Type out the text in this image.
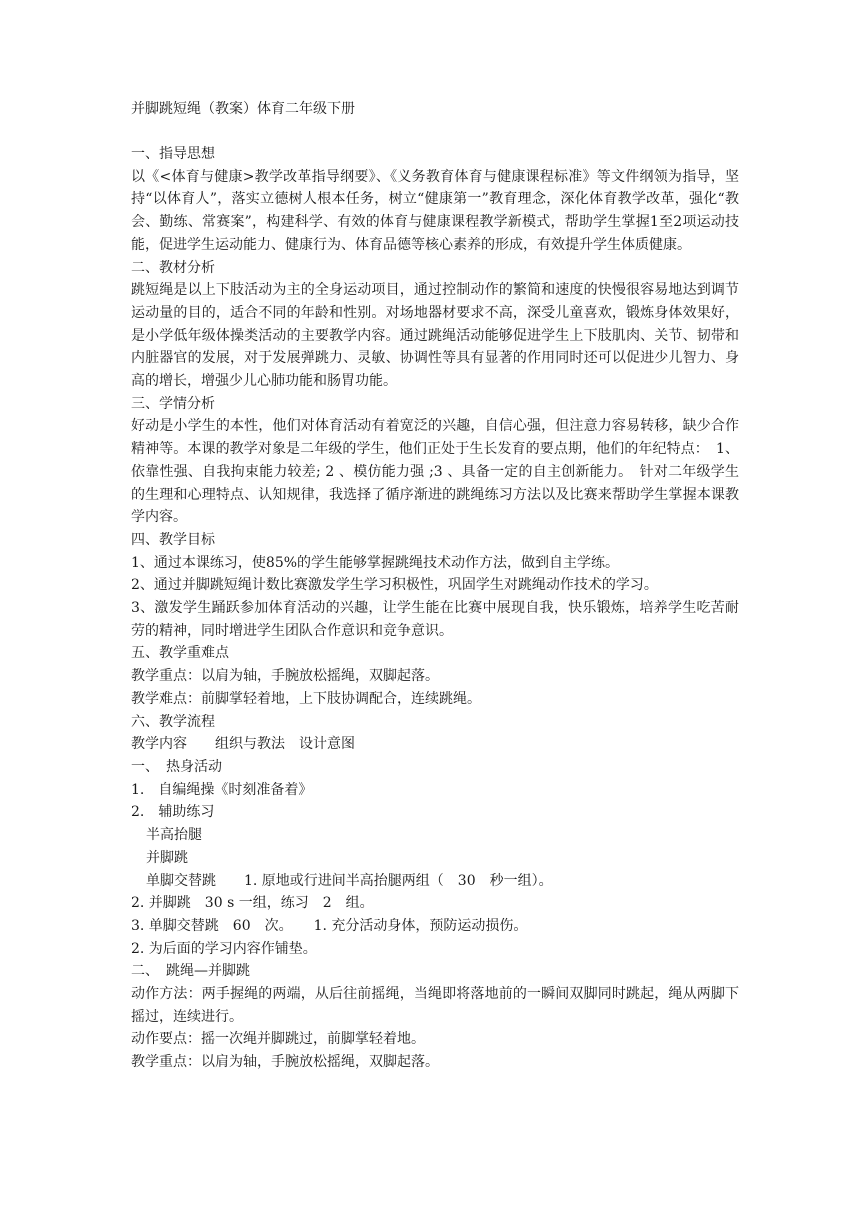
并脚跳短绳（教案）体育二年级下册

一、指导思想

以《<体育与健康>教学改革指导纲要》、《义务教育体育与健康课程标准》等文件纲领为指导，坚持“以体育人”，落实立德树人根本任务，树立“健康第一”教育理念，深化体育教学改革，强化“教会、勤练、常赛案”，构建科学、有效的体育与健康课程教学新模式，帮助学生掌握1至2项运动技能，促进学生运动能力、健康行为、体育品德等核心素养的形成，有效提升学生体质健康。

二、教材分析

跳短绳是以上下肢活动为主的全身运动项目，通过控制动作的繁简和速度的快慢很容易地达到调节运动量的目的，适合不同的年龄和性别。对场地器材要求不高，深受儿童喜欢，锻炼身体效果好，是小学低年级体操类活动的主要教学内容。通过跳绳活动能够促进学生上下肢肌肉、关节、韧带和内脏器官的发展，对于发展弹跳力、灵敏、协调性等具有显著的作用同时还可以促进少儿智力、身高的增长，增强少儿心肺功能和肠胃功能。

三、学情分析

好动是小学生的本性，他们对体育活动有着宽泛的兴趣，自信心强，但注意力容易转移，缺少合作精神等。本课的教学对象是二年级的学生，他们正处于生长发育的要点期，他们的年纪特点：　1、依靠性强、自我拘束能力较差; 2 、模仿能力强 ;3 、具备一定的自主创新能力。　针对二年级学生的生理和心理特点、认知规律，我选择了循序渐进的跳绳练习方法以及比赛来帮助学生掌握本课教学内容。

四、教学目标

1、通过本课练习，使85%的学生能够掌握跳绳技术动作方法，做到自主学练。

2、通过并脚跳短绳计数比赛激发学生学习积极性，巩固学生对跳绳动作技术的学习。

3、激发学生踊跃参加体育活动的兴趣，让学生能在比赛中展现自我，快乐锻炼，培养学生吃苦耐劳的精神，同时增进学生团队合作意识和竞争意识。

五、教学重难点

教学重点：以肩为轴，手腕放松摇绳，双脚起落。

教学难点：前脚掌轻着地，上下肢协调配合，连续跳绳。

六、教学流程

教学内容　　组织与教法　设计意图

一、　热身活动

1.　自编绳操《时刻准备着》

2.　辅助练习

半高抬腿

并脚跳

单脚交替跳　　1. 原地或行进间半高抬腿两组（　30　秒一组）。

2. 并脚跳　30 s 一组，练习　2　组。

3. 单脚交替跳　60　次。　　1. 充分活动身体，预防运动损伤。

2. 为后面的学习内容作铺垫。

二、　跳绳—并脚跳

动作方法：两手握绳的两端，从后往前摇绳，当绳即将落地前的一瞬间双脚同时跳起，绳从两脚下摇过，连续进行。

动作要点：摇一次绳并脚跳过，前脚掌轻着地。

教学重点：以肩为轴，手腕放松摇绳，双脚起落。
